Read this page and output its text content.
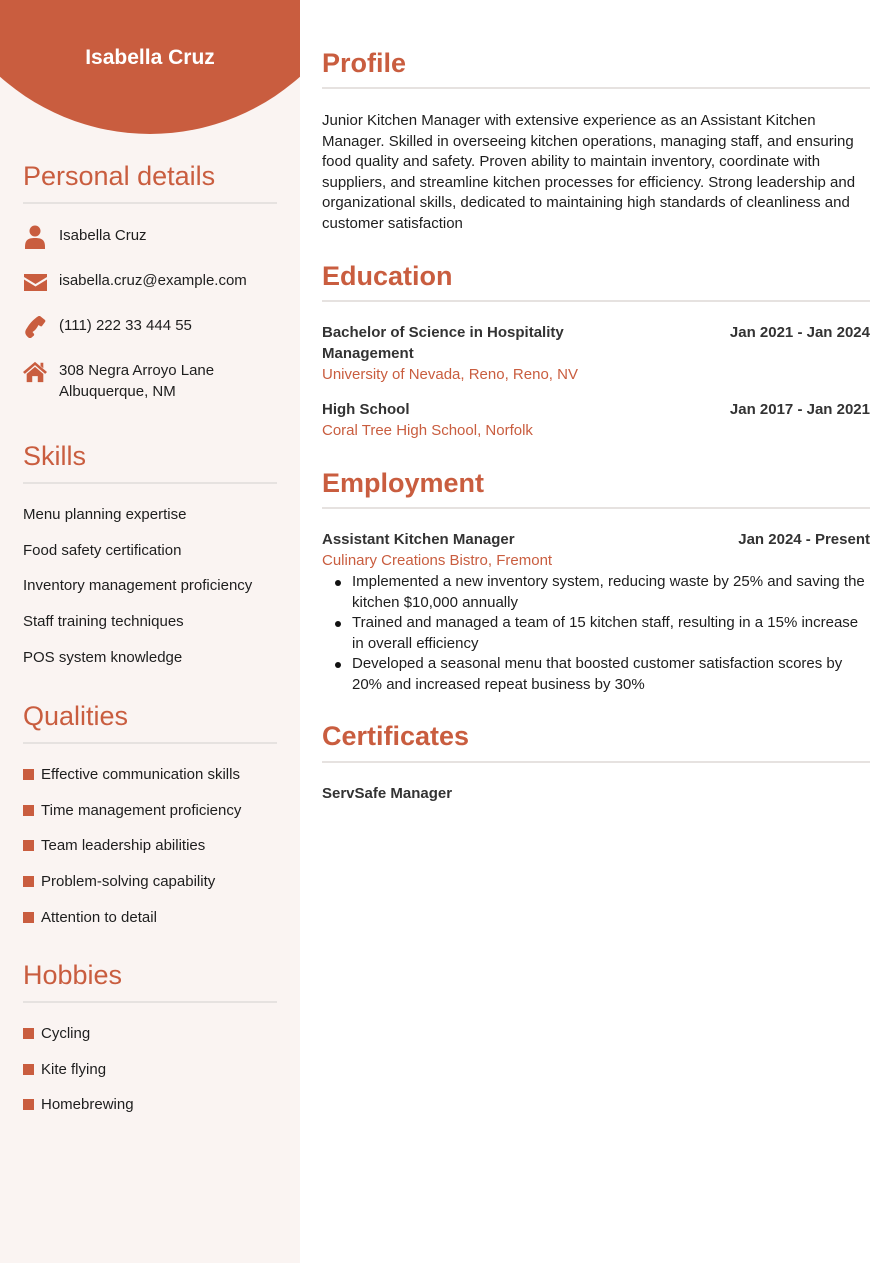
Isabella Cruz
Personal details
Isabella Cruz
isabella.cruz@example.com
(111) 222 33 444 55
308 Negra Arroyo Lane
Albuquerque, NM
Skills
Menu planning expertise
Food safety certification
Inventory management proficiency
Staff training techniques
POS system knowledge
Qualities
Effective communication skills
Time management proficiency
Team leadership abilities
Problem-solving capability
Attention to detail
Hobbies
Cycling
Kite flying
Homebrewing
Profile

Junior Kitchen Manager with extensive experience as an Assistant Kitchen Manager. Skilled in overseeing kitchen operations, managing staff, and ensuring food quality and safety. Proven ability to maintain inventory, coordinate with suppliers, and streamline kitchen processes for efficiency. Strong leadership and organizational skills, dedicated to maintaining high standards of cleanliness and customer satisfaction

Education
Bachelor of Science in Hospitality
Management
Jan 2021 - Jan 2024
University of Nevada, Reno, Reno, NV
High School	Jan 2017 - Jan 2021
Coral Tree High School, Norfolk
Employment
Assistant Kitchen Manager	Jan 2024 - Present
Culinary Creations Bistro, Fremont
Implemented a new inventory system, reducing waste by 25% and saving the
kitchen $10,000 annually
Trained and managed a team of 15 kitchen staff, resulting in a 15% increase
in overall efficiency
Developed a seasonal menu that boosted customer satisfaction scores by
20% and increased repeat business by 30%
Certificates
ServSafe Manager
